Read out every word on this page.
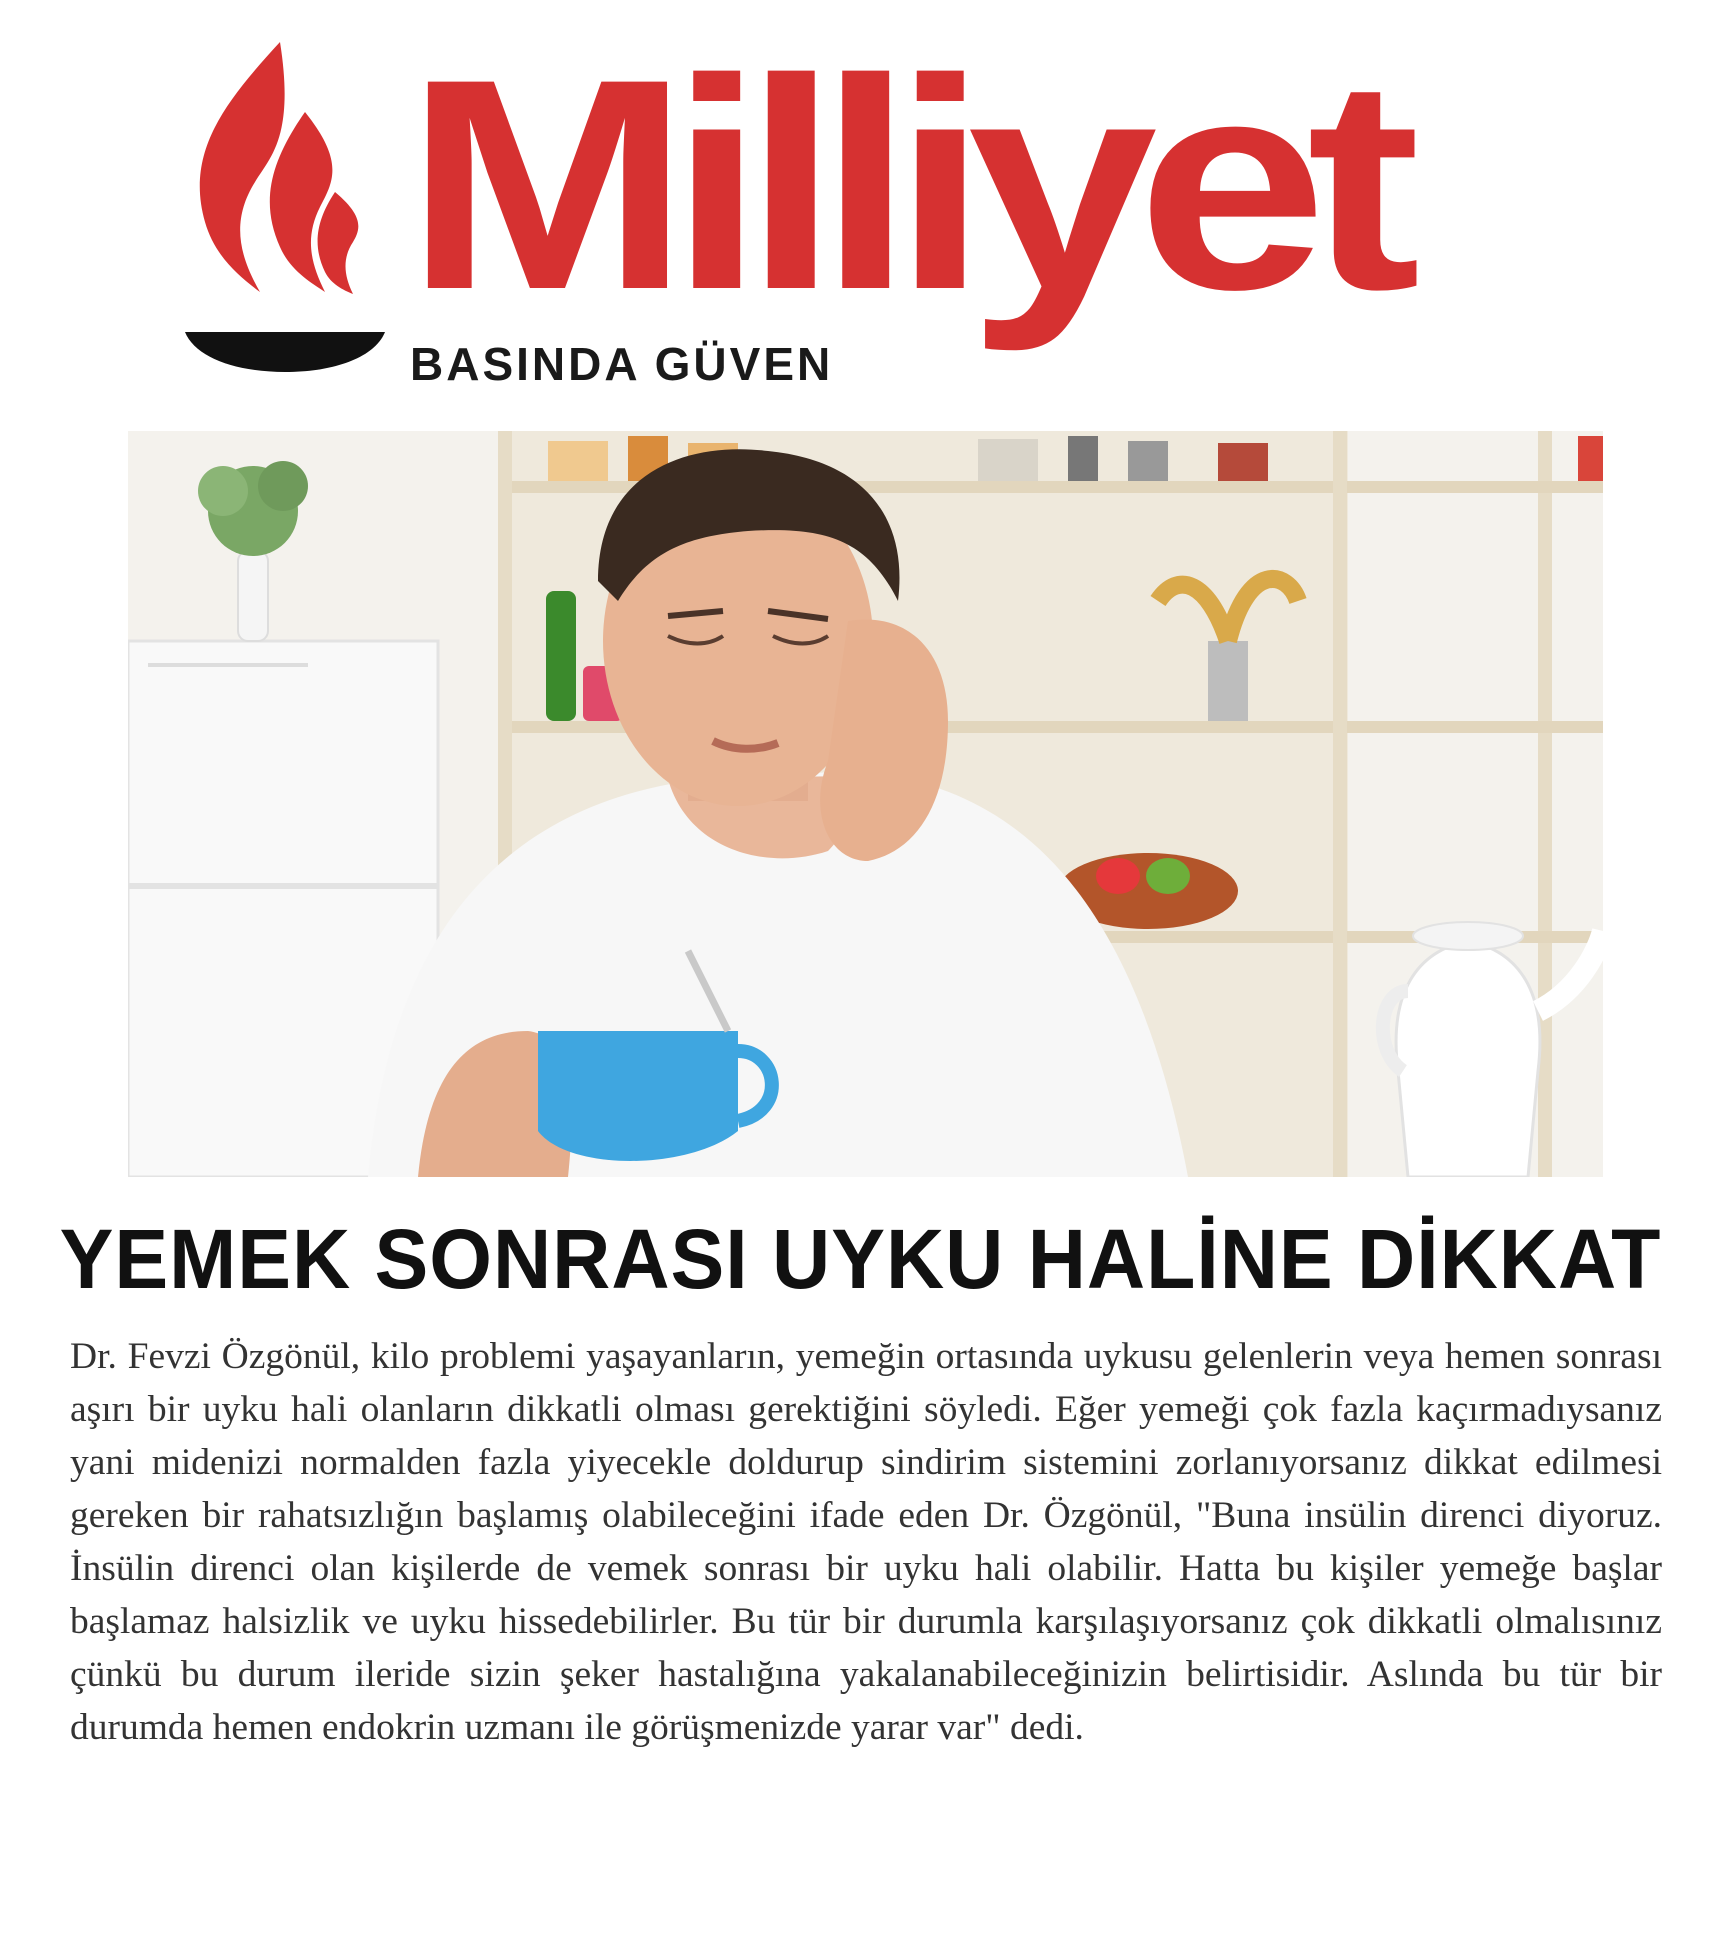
Milliyet
BASINDA GÜVEN
YEMEK SONRASI UYKU HALİNE DİKKAT

Dr. Fevzi Özgönül, kilo problemi yaşayanların, yemeğin ortasında uykusu gelenlerin veya hemen sonrası aşırı bir uyku hali olanların dikkatli olması gerektiğini söyledi. Eğer yemeği çok fazla kaçırmadıysanız yani midenizi normalden fazla yiyecekle doldurup sindirim sistemini zorlanıyorsanız dikkat edilmesi gereken bir rahatsızlığın başlamış olabileceğini ifade eden Dr. Özgönül, "Buna insülin direnci diyoruz. İnsülin direnci olan kişilerde de vemek sonrası bir uyku hali olabilir. Hatta bu kişiler yemeğe başlar başlamaz halsizlik ve uyku hissedebilirler. Bu tür bir durumla karşılaşıyorsanız çok dikkatli olmalısınız çünkü bu durum ileride sizin şeker hastalığına yakalanabileceğinizin belirtisidir. Aslında bu tür bir durumda hemen endokrin uzmanı ile görüşmenizde yarar var" dedi.
